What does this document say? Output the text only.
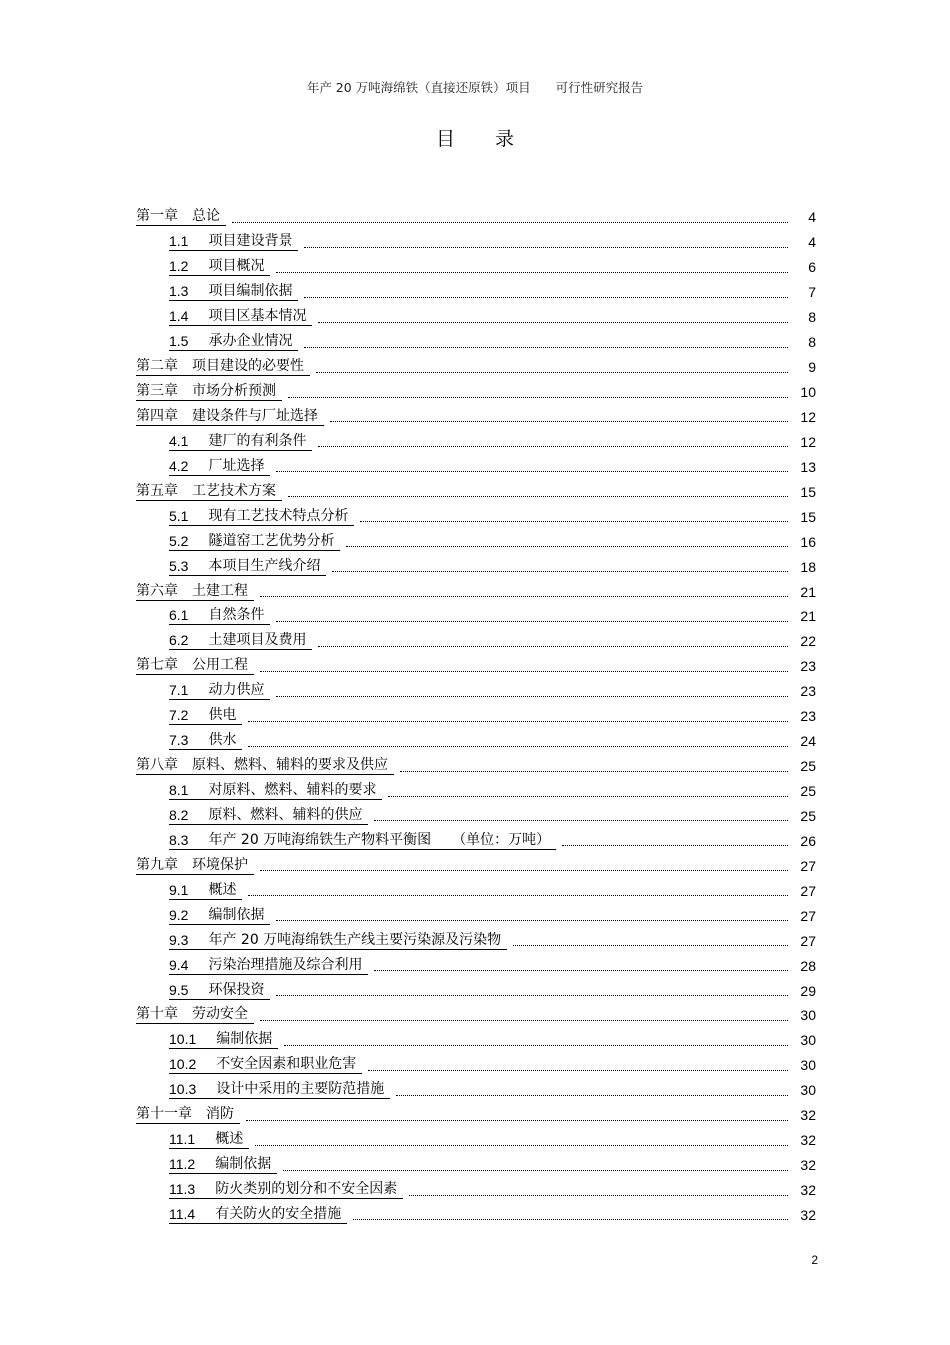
年产 20 万吨海绵铁（直接还原铁）项目　　可行性研究报告
目 录
第一章 总论	4
1.1 项目建设背景	4
1.2 项目概况	6
1.3 项目编制依据	7
1.4 项目区基本情况	8
1.5 承办企业情况	8
第二章 项目建设的必要性	9
第三章 市场分析预测	10
第四章 建设条件与厂址选择	12
4.1 建厂的有利条件	12
4.2 厂址选择	13
第五章 工艺技术方案	15
5.1 现有工艺技术特点分析	15
5.2 隧道窑工艺优势分析	16
5.3 本项目生产线介绍	18
第六章 土建工程	21
6.1 自然条件	21
6.2 土建项目及费用	22
第七章 公用工程	23
7.1 动力供应	23
7.2 供电	23
7.3 供水	24
第八章 原料、燃料、辅料的要求及供应	25
8.1 对原料、燃料、辅料的要求	25
8.2 原料、燃料、辅料的供应	25
8.3 年产 20 万吨海绵铁生产物料平衡图　　（单位：万吨）	26
第九章 环境保护	27
9.1 概述	27
9.2 编制依据	27
9.3 年产 20 万吨海绵铁生产线主要污染源及污染物	27
9.4 污染治理措施及综合利用	28
9.5 环保投资	29
第十章 劳动安全	30
10.1 编制依据	30
10.2 不安全因素和职业危害	30
10.3 设计中采用的主要防范措施	30
第十一章 消防	32
11.1 概述	32
11.2 编制依据	32
11.3 防火类别的划分和不安全因素	32
11.4 有关防火的安全措施	32
2
